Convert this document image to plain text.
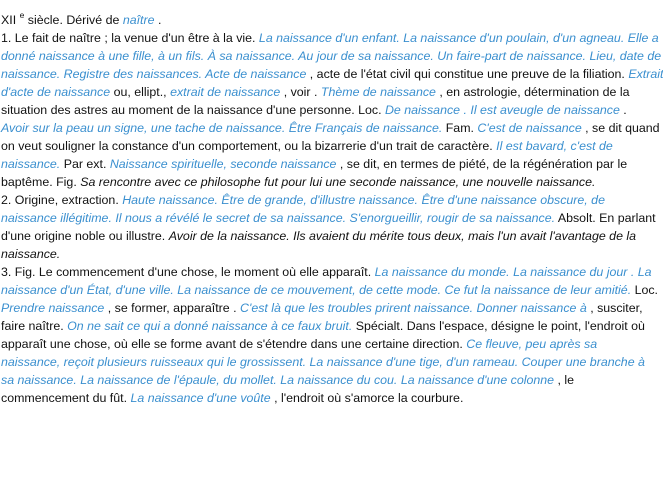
XII $^e$ siècle. Dérivé de naître .
1. Le fait de naître ; la venue d'un être à la vie. La naissance d'un enfant. La naissance d'un poulain, d'un agneau. Elle a
donné naissance à une fille, à un fils. À sa naissance. Au jour de sa naissance. Un faire-part de naissance. Lieu, date de
naissance. Registre des naissances. Acte de naissance , acte de l'état civil qui constitue une preuve de la filiation. Extrait
d'acte de naissance ou, ellipt., extrait de naissance , voir . Thème de naissance , en astrologie, détermination de la
situation des astres au moment de la naissance d'une personne. Loc. De naissance . Il est aveugle de naissance .
Avoir sur la peau un signe, une tache de naissance. Être Français de naissance. Fam. C'est de naissance , se dit quand
on veut souligner la constance d'un comportement, ou la bizarrerie d'un trait de caractère. Il est bavard, c'est de
naissance. Par ext. Naissance spirituelle, seconde naissance , se dit, en termes de piété, de la régénération par le
baptême. Fig. Sa rencontre avec ce philosophe fut pour lui une seconde naissance, une nouvelle naissance.
2. Origine, extraction. Haute naissance. Être de grande, d'illustre naissance. Être d'une naissance obscure, de
naissance illégitime. Il nous a révélé le secret de sa naissance. S'enorgueillir, rougir de sa naissance. Absolt. En parlant
d'une origine noble ou illustre. Avoir de la naissance. Ils avaient du mérite tous deux, mais l'un avait l'avantage de la
naissance.
3. Fig. Le commencement d'une chose, le moment où elle apparaît. La naissance du monde. La naissance du jour . La
naissance d'un État, d'une ville. La naissance de ce mouvement, de cette mode. Ce fut la naissance de leur amitié. Loc.
Prendre naissance , se former, apparaître . C'est là que les troubles prirent naissance. Donner naissance à , susciter,
faire naître. On ne sait ce qui a donné naissance à ce faux bruit. Spécialt. Dans l'espace, désigne le point, l'endroit où
apparaît une chose, où elle se forme avant de s'étendre dans une certaine direction. Ce fleuve, peu après sa
naissance, reçoit plusieurs ruisseaux qui le grossissent. La naissance d'une tige, d'un rameau. Couper une branche à
sa naissance. La naissance de l'épaule, du mollet. La naissance du cou. La naissance d'une colonne , le
commencement du fût. La naissance d'une voûte , l'endroit où s'amorce la courbure.
